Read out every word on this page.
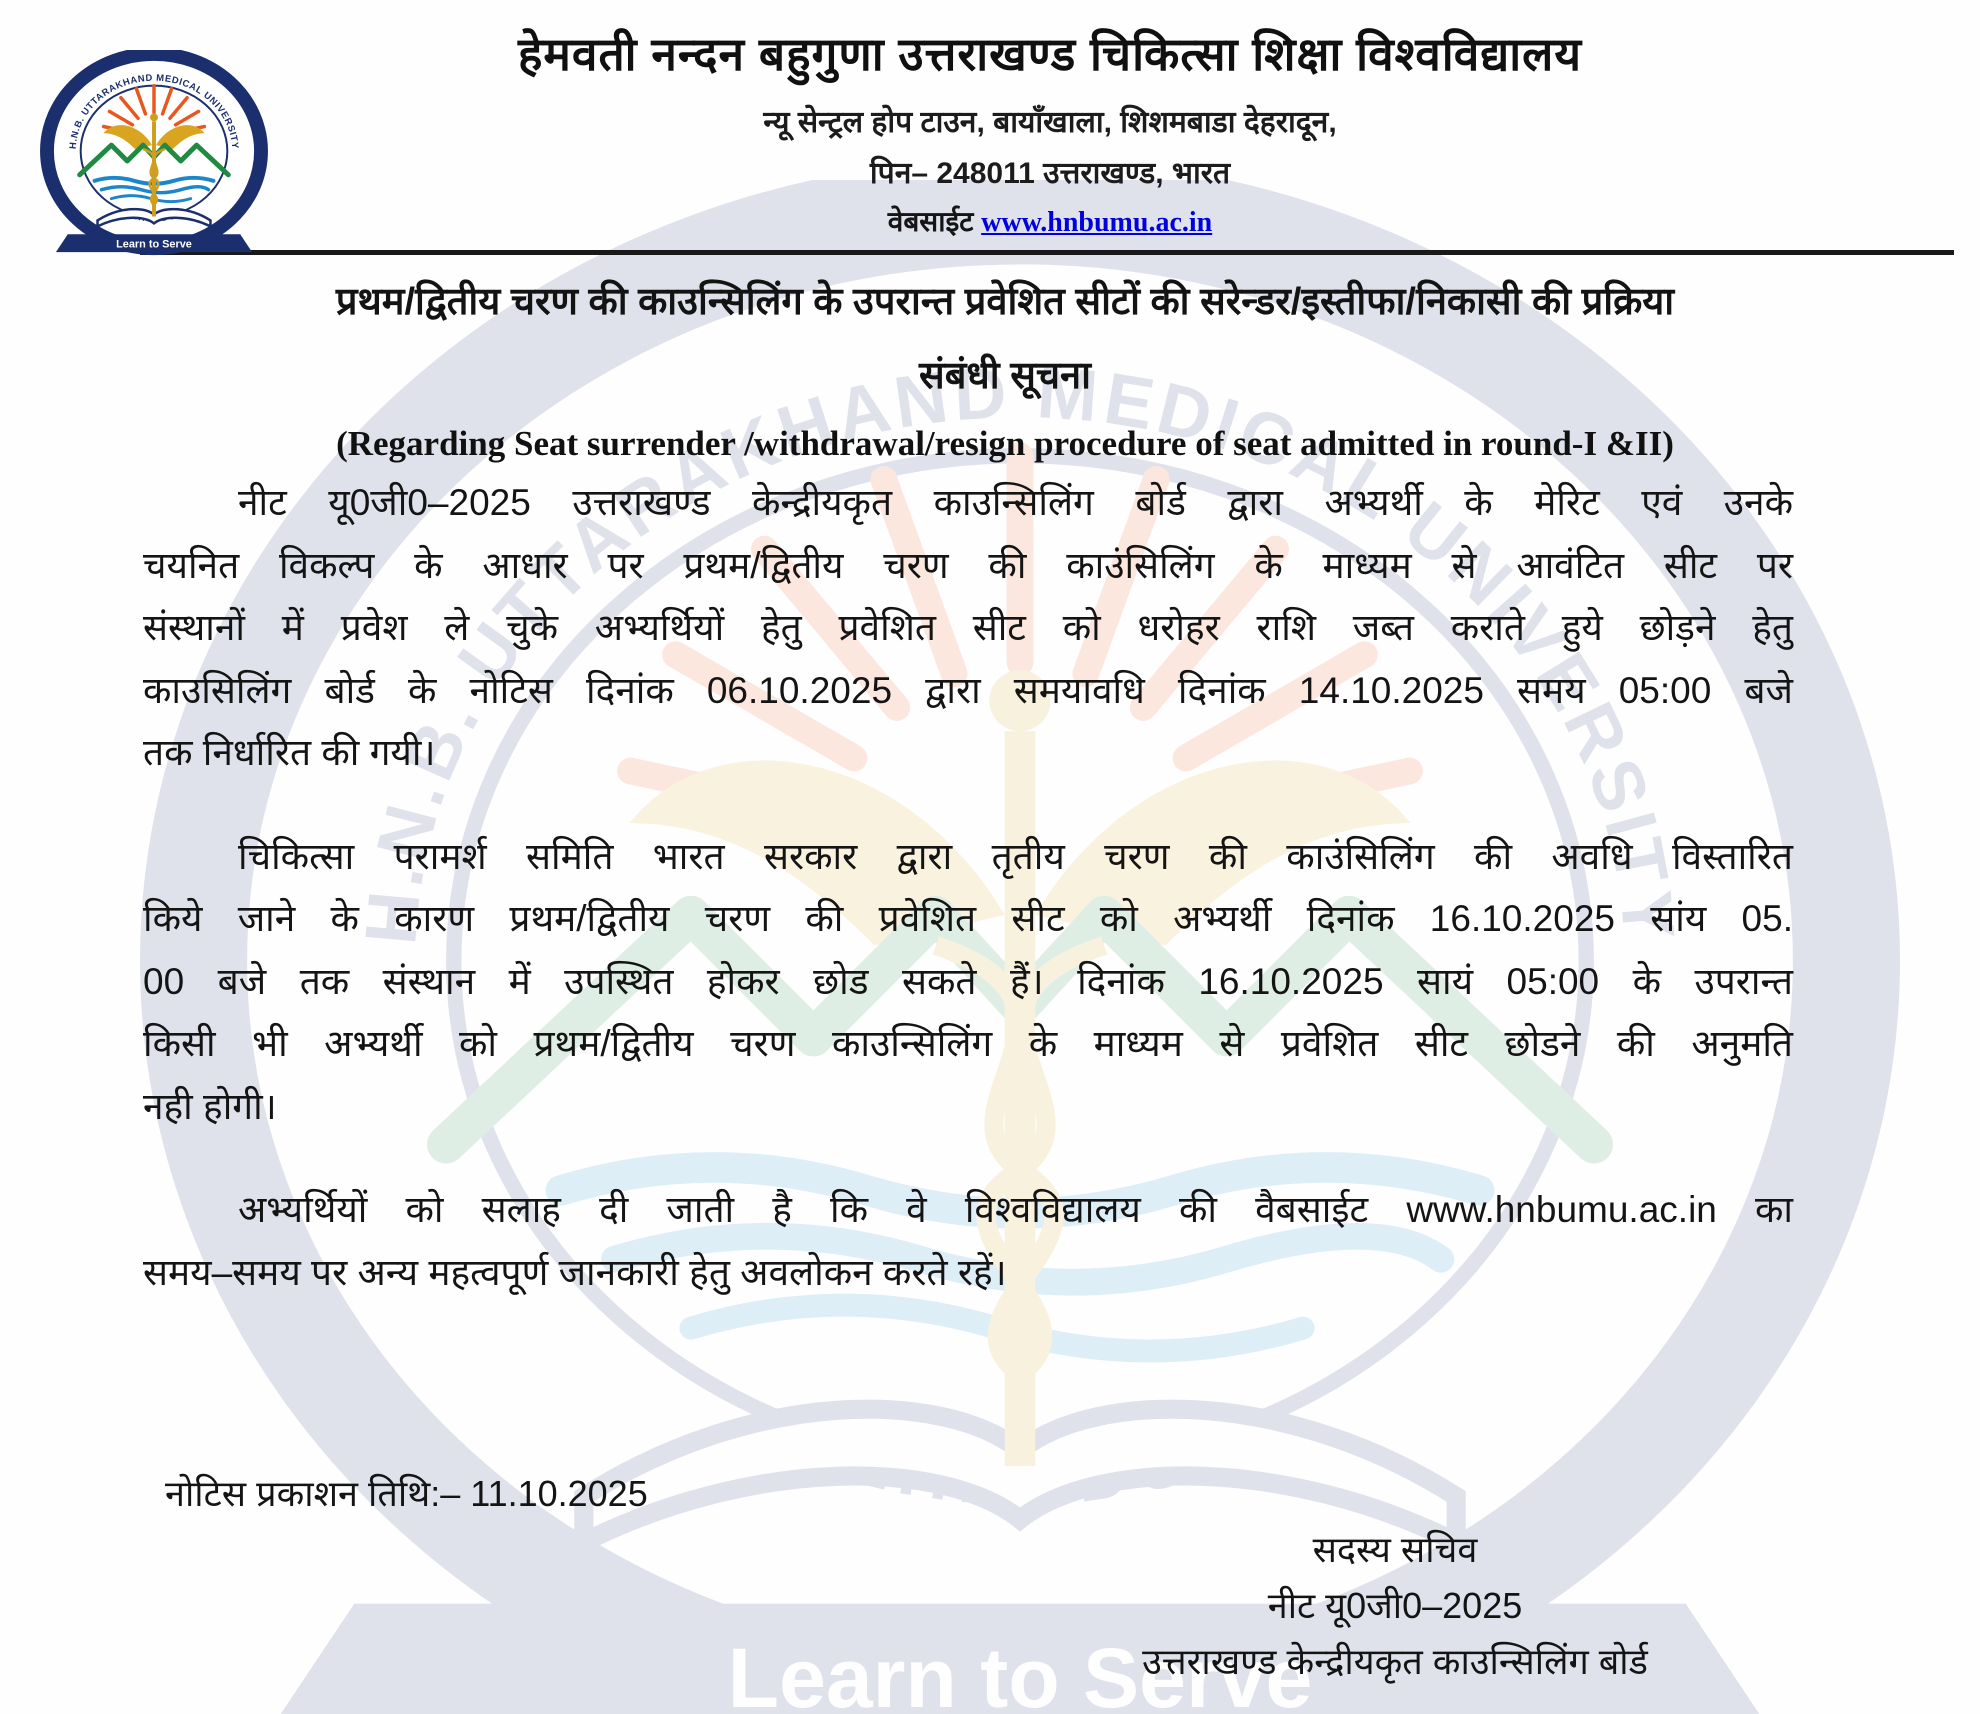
हेमवती नन्दन बहुगुणा उत्तराखण्ड चिकित्सा शिक्षा विश्वविद्यालय
न्यू सेन्ट्रल होप टाउन, बायाँखाला, शिशमबाडा देहरादून,
पिन– 248011 उत्तराखण्ड, भारत
वेबसाईट www.hnbumu.ac.in
प्रथम/द्वितीय चरण की काउन्सिलिंग के उपरान्त प्रवेशित सीटों की सरेन्डर/इस्तीफा/निकासी की प्रक्रिया
संबंधी सूचना
(Regarding Seat surrender /withdrawal/resign procedure of seat admitted in round-I &II)
नीट यू0जी0–2025 उत्तराखण्ड केन्द्रीयकृत काउन्सिलिंग बोर्ड द्वारा अभ्यर्थी के मेरिट एवं उनके
चयनित विकल्प के आधार पर प्रथम/द्वितीय चरण की काउंसिलिंग के माध्यम से आवंटित सीट पर
संस्थानों में प्रवेश ले चुके अभ्यर्थियों हेतु प्रवेशित सीट को धरोहर राशि जब्त कराते हुये छोड़ने हेतु
काउसिलिंग बोर्ड के नोटिस दिनांक 06.10.2025 द्वारा समयावधि दिनांक 14.10.2025 समय 05:00 बजे
तक निर्धारित की गयी।
चिकित्सा परामर्श समिति भारत सरकार द्वारा तृतीय चरण की काउंसिलिंग की अवधि विस्तारित
किये जाने के कारण प्रथम/द्वितीय चरण की प्रवेशित सीट को अभ्यर्थी दिनांक 16.10.2025 सांय 05.
00 बजे तक संस्थान में उपस्थित होकर छोड सकते हैं। दिनांक 16.10.2025 सायं 05:00 के उपरान्त
किसी भी अभ्यर्थी को प्रथम/द्वितीय चरण काउन्सिलिंग के माध्यम से प्रवेशित सीट छोडने की अनुमति
नही होगी।
अभ्यर्थियों को सलाह दी जाती है कि वे विश्वविद्यालय की वैबसाईट www.hnbumu.ac.in का
समय–समय पर अन्य महत्वपूर्ण जानकारी हेतु अवलोकन करते रहें।
नोटिस प्रकाशन तिथि:– 11.10.2025
सदस्य सचिव
नीट यू0जी0–2025
उत्तराखण्ड केन्द्रीयकृत काउन्सिलिंग बोर्ड
